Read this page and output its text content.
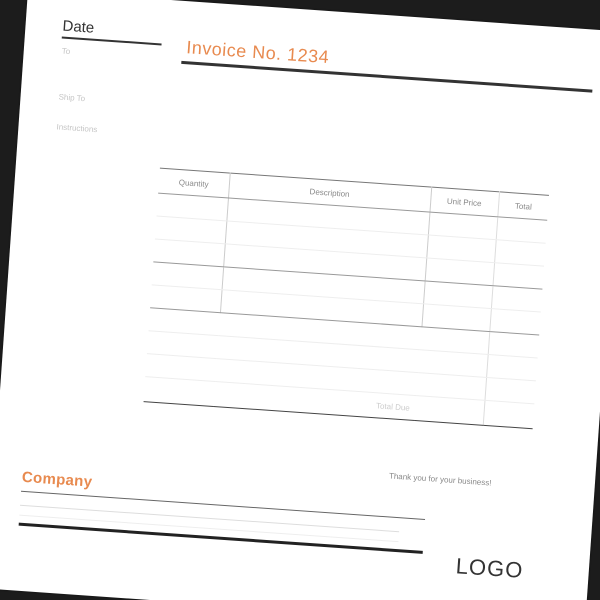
Date
Invoice No. 1234
To
Ship To
Instructions
Quantity	Description	Unit Price	Total

Total Due			
Thank you for your business!
Company
LOGO
